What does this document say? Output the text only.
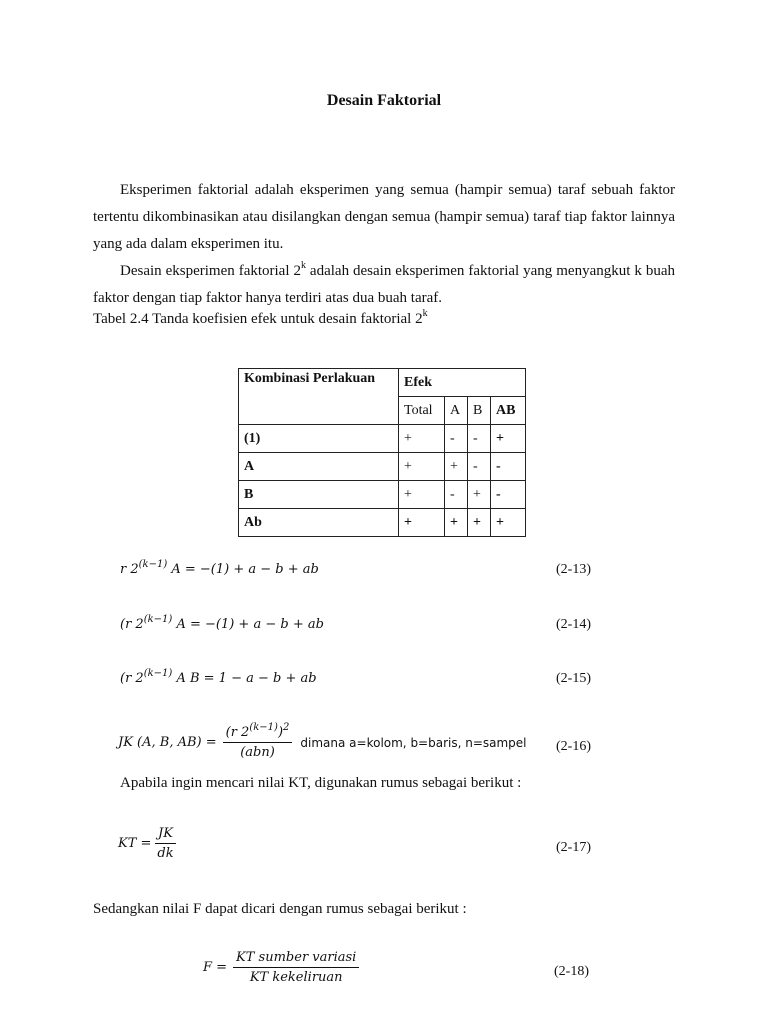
Desain Faktorial

Eksperimen faktorial adalah eksperimen yang semua (hampir semua) taraf sebuah faktor tertentu dikombinasikan atau disilangkan dengan semua (hampir semua) taraf tiap faktor lainnya yang ada dalam eksperimen itu.

Desain eksperimen faktorial 2$^k$ adalah desain eksperimen faktorial yang menyangkut k buah faktor dengan tiap faktor hanya terdiri atas dua buah taraf.

Tabel 2.4 Tanda koefisien efek untuk desain faktorial 2$^k$
Kombinasi Perlakuan	Efek			
	Total	A	B	AB
(1)	+	-	-	+
A	+	+	-	-
B	+	-	+	-
Ab	+	+	+	+
r $2^{(k-1)}$ A = −(1) + a − b + ab	(2-13)
(r $2^{(k-1)}$ A = −(1) + a − b + ab	(2-14)
(r $2^{(k-1)}$ A B = 1 − a − b + ab	(2-15)
JK (A, B, $AB) = \frac{(r 2^{(k-1)})^2}{\text{(abn)}}$ dimana a=kolom, b=baris, n=sampel (2-16)
Apabila ingin mencari nilai KT, digunakan rumus sebagai berikut :
KT = $\frac{JK}{dk}$	(2-17)
Sedangkan nilai F dapat dicari dengan rumus sebagai berikut :
$F = \frac{\text{KT sumber variasi}}{\text{KT kekeliruan}}$	(2-18)
